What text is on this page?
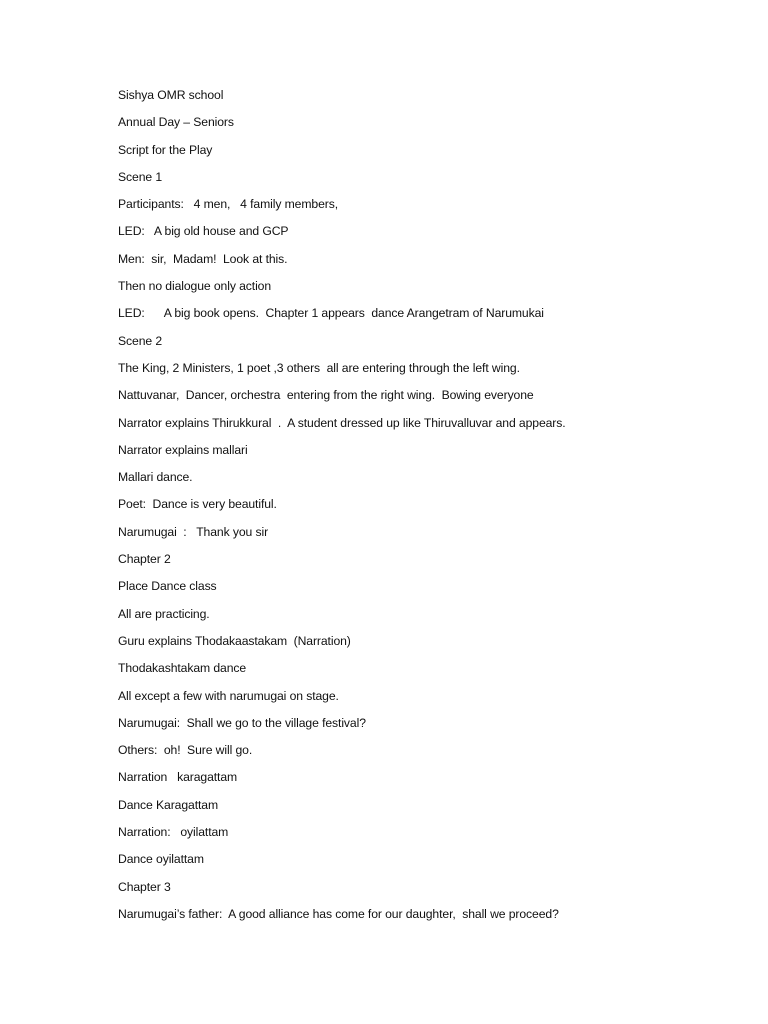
Sishya OMR school
Annual Day – Seniors
Script for the Play
Scene 1
Participants:   4 men,   4 family members,
LED:   A big old house and GCP
Men:  sir,  Madam!  Look at this.
Then no dialogue only action
LED:      A big book opens.  Chapter 1 appears  dance Arangetram of Narumukai
Scene 2
The King, 2 Ministers, 1 poet ,3 others  all are entering through the left wing.
Nattuvanar,  Dancer, orchestra  entering from the right wing.  Bowing everyone
Narrator explains Thirukkural  .  A student dressed up like Thiruvalluvar and appears.
Narrator explains mallari
Mallari dance.
Poet:  Dance is very beautiful.
Narumugai  :   Thank you sir
Chapter 2
Place Dance class
All are practicing.
Guru explains Thodakaastakam  (Narration)
Thodakashtakam dance
All except a few with narumugai on stage.
Narumugai:  Shall we go to the village festival?
Others:  oh!  Sure will go.
Narration   karagattam
Dance Karagattam
Narration:   oyilattam
Dance oyilattam
Chapter 3
Narumugai’s father:  A good alliance has come for our daughter,  shall we proceed?
